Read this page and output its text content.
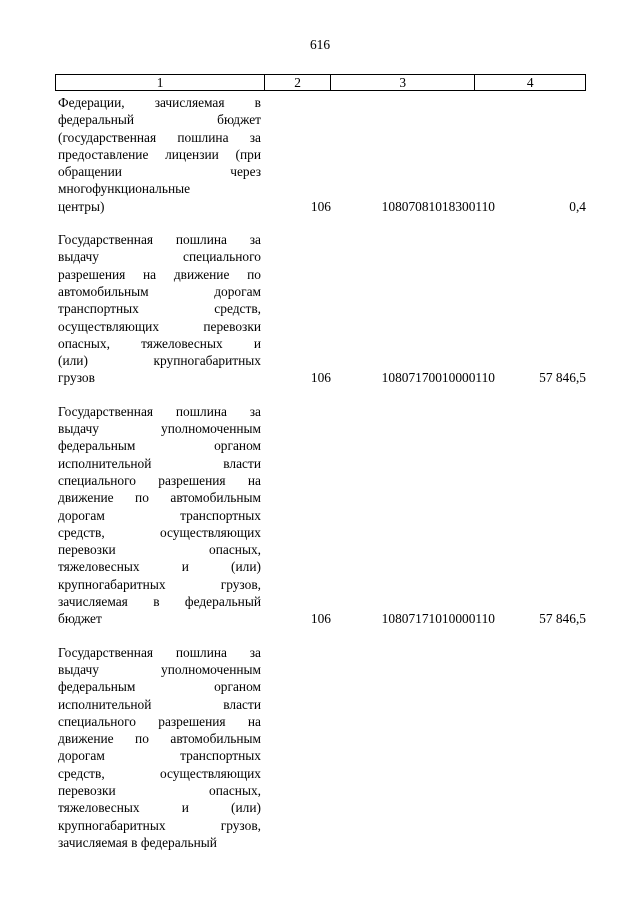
616
1	2	3	4
Федерации, зачисляемая в
федеральный бюджет
(государственная пошлина за
предоставление лицензии (при
обращении через
многофункциональные
центры)	106	10807081018300110	0,4
Государственная пошлина за
выдачу специального
разрешения на движение по
автомобильным дорогам
транспортных средств,
осуществляющих перевозки
опасных, тяжеловесных и
(или) крупногабаритных
грузов	106	10807170010000110	57 846,5
Государственная пошлина за
выдачу уполномоченным
федеральным органом
исполнительной власти
специального разрешения на
движение по автомобильным
дорогам транспортных
средств, осуществляющих
перевозки опасных,
тяжеловесных и (или)
крупногабаритных грузов,
зачисляемая в федеральный
бюджет	106	10807171010000110	57 846,5
Государственная пошлина за
выдачу уполномоченным
федеральным органом
исполнительной власти
специального разрешения на
движение по автомобильным
дорогам транспортных
средств, осуществляющих
перевозки опасных,
тяжеловесных и (или)
крупногабаритных грузов,
зачисляемая в федеральный
